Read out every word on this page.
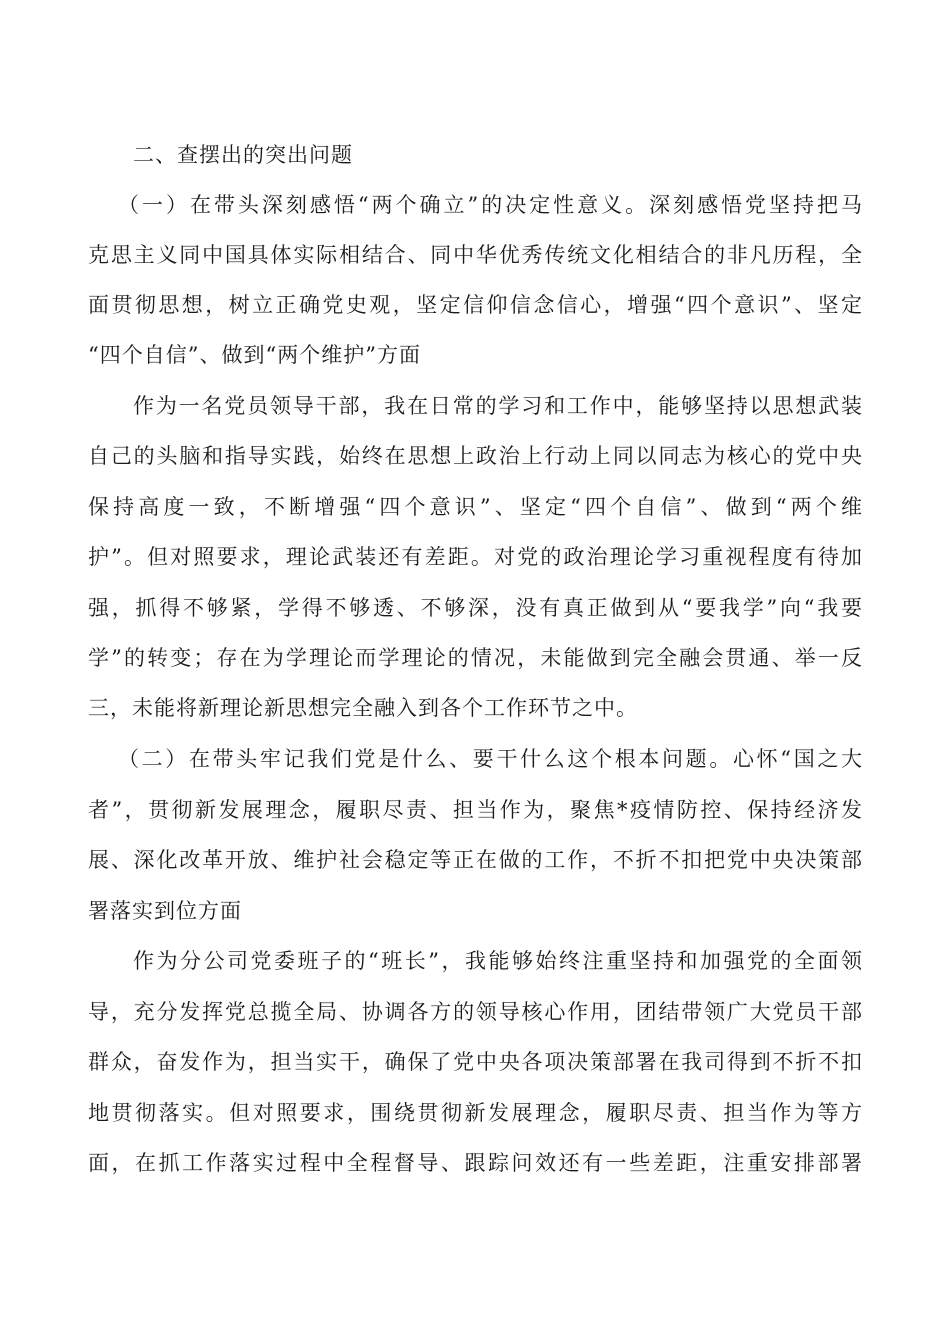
二、查摆出的突出问题
（一）在带头深刻感悟“两个确立”的决定性意义。深刻感悟党坚持把马
克思主义同中国具体实际相结合、同中华优秀传统文化相结合的非凡历程，全
面贯彻思想，树立正确党史观，坚定信仰信念信心，增强“四个意识”、坚定
“四个自信”、做到“两个维护”方面
作为一名党员领导干部，我在日常的学习和工作中，能够坚持以思想武装
自己的头脑和指导实践，始终在思想上政治上行动上同以同志为核心的党中央
保持高度一致，不断增强“四个意识”、坚定“四个自信”、做到“两个维
护”。但对照要求，理论武装还有差距。对党的政治理论学习重视程度有待加
强，抓得不够紧，学得不够透、不够深，没有真正做到从“要我学”向“我要
学”的转变；存在为学理论而学理论的情况，未能做到完全融会贯通、举一反
三，未能将新理论新思想完全融入到各个工作环节之中。
（二）在带头牢记我们党是什么、要干什么这个根本问题。心怀“国之大
者”，贯彻新发展理念，履职尽责、担当作为，聚焦*疫情防控、保持经济发
展、深化改革开放、维护社会稳定等正在做的工作，不折不扣把党中央决策部
署落实到位方面
作为分公司党委班子的“班长”，我能够始终注重坚持和加强党的全面领
导，充分发挥党总揽全局、协调各方的领导核心作用，团结带领广大党员干部
群众，奋发作为，担当实干，确保了党中央各项决策部署在我司得到不折不扣
地贯彻落实。但对照要求，围绕贯彻新发展理念，履职尽责、担当作为等方
面，在抓工作落实过程中全程督导、跟踪问效还有一些差距，注重安排部署
